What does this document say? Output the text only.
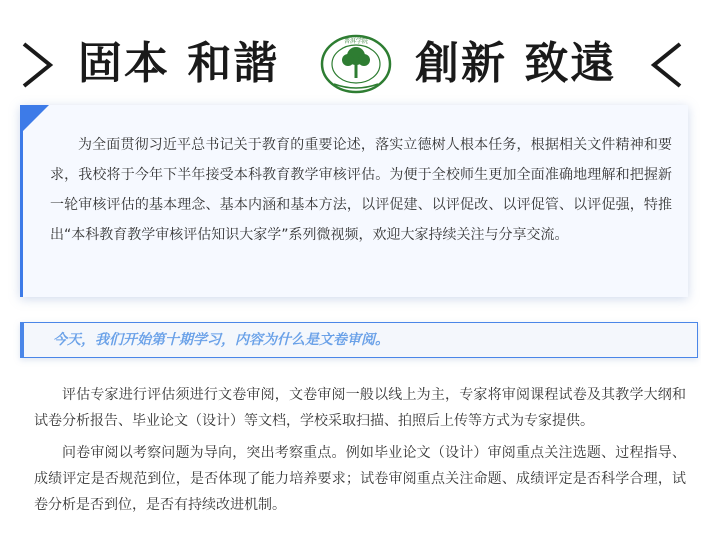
固本 和諧	普洱学院 創新 致遠
为全面贯彻习近平总书记关于教育的重要论述，落实立德树人根本任务，根据相关文件精神和要求，我校将于今年下半年接受本科教育教学审核评估。为便于全校师生更加全面准确地理解和把握新一轮审核评估的基本理念、基本内涵和基本方法，以评促建、以评促改、以评促管、以评促强，特推出“本科教育教学审核评估知识大家学”系列微视频，欢迎大家持续关注与分享交流。
今天，我们开始第十期学习，内容为什么是文卷审阅。
评估专家进行评估须进行文卷审阅，文卷审阅一般以线上为主，专家将审阅课程试卷及其教学大纲和试卷分析报告、毕业论文（设计）等文档，学校采取扫描、拍照后上传等方式为专家提供。
问卷审阅以考察问题为导向，突出考察重点。例如毕业论文（设计）审阅重点关注选题、过程指导、成绩评定是否规范到位，是否体现了能力培养要求；试卷审阅重点关注命题、成绩评定是否科学合理，试卷分析是否到位，是否有持续改进机制。
